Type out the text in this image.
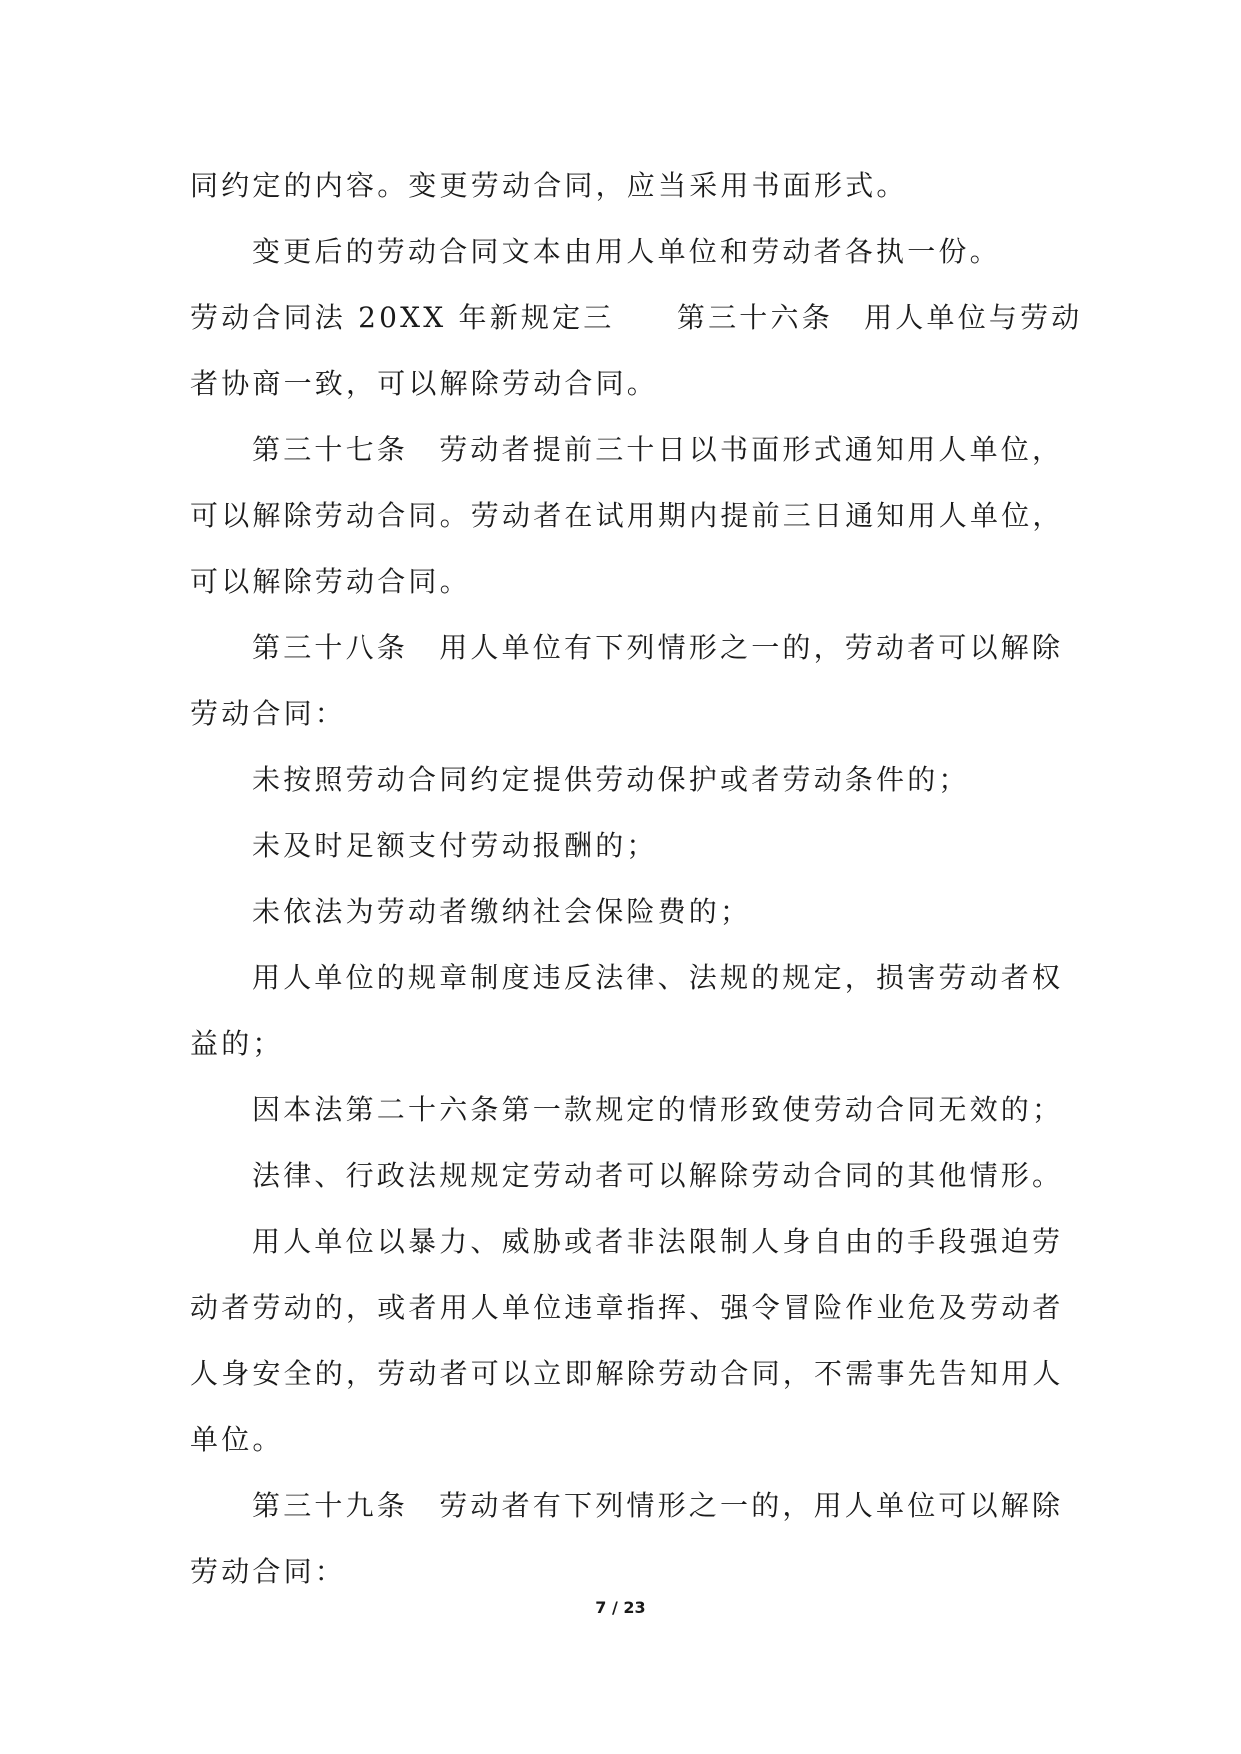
同约定的内容。变更劳动合同，应当采用书面形式。
变更后的劳动合同文本由用人单位和劳动者各执一份。
劳动合同法 20XX 年新规定三　　第三十六条　用人单位与劳动
者协商一致，可以解除劳动合同。
第三十七条　劳动者提前三十日以书面形式通知用人单位，
可以解除劳动合同。劳动者在试用期内提前三日通知用人单位，
可以解除劳动合同。
第三十八条　用人单位有下列情形之一的，劳动者可以解除
劳动合同：
未按照劳动合同约定提供劳动保护或者劳动条件的；
未及时足额支付劳动报酬的；
未依法为劳动者缴纳社会保险费的；
用人单位的规章制度违反法律、法规的规定，损害劳动者权
益的；
因本法第二十六条第一款规定的情形致使劳动合同无效的；
法律、行政法规规定劳动者可以解除劳动合同的其他情形。
用人单位以暴力、威胁或者非法限制人身自由的手段强迫劳
动者劳动的，或者用人单位违章指挥、强令冒险作业危及劳动者
人身安全的，劳动者可以立即解除劳动合同，不需事先告知用人
单位。
第三十九条　劳动者有下列情形之一的，用人单位可以解除
劳动合同：
7 / 23
